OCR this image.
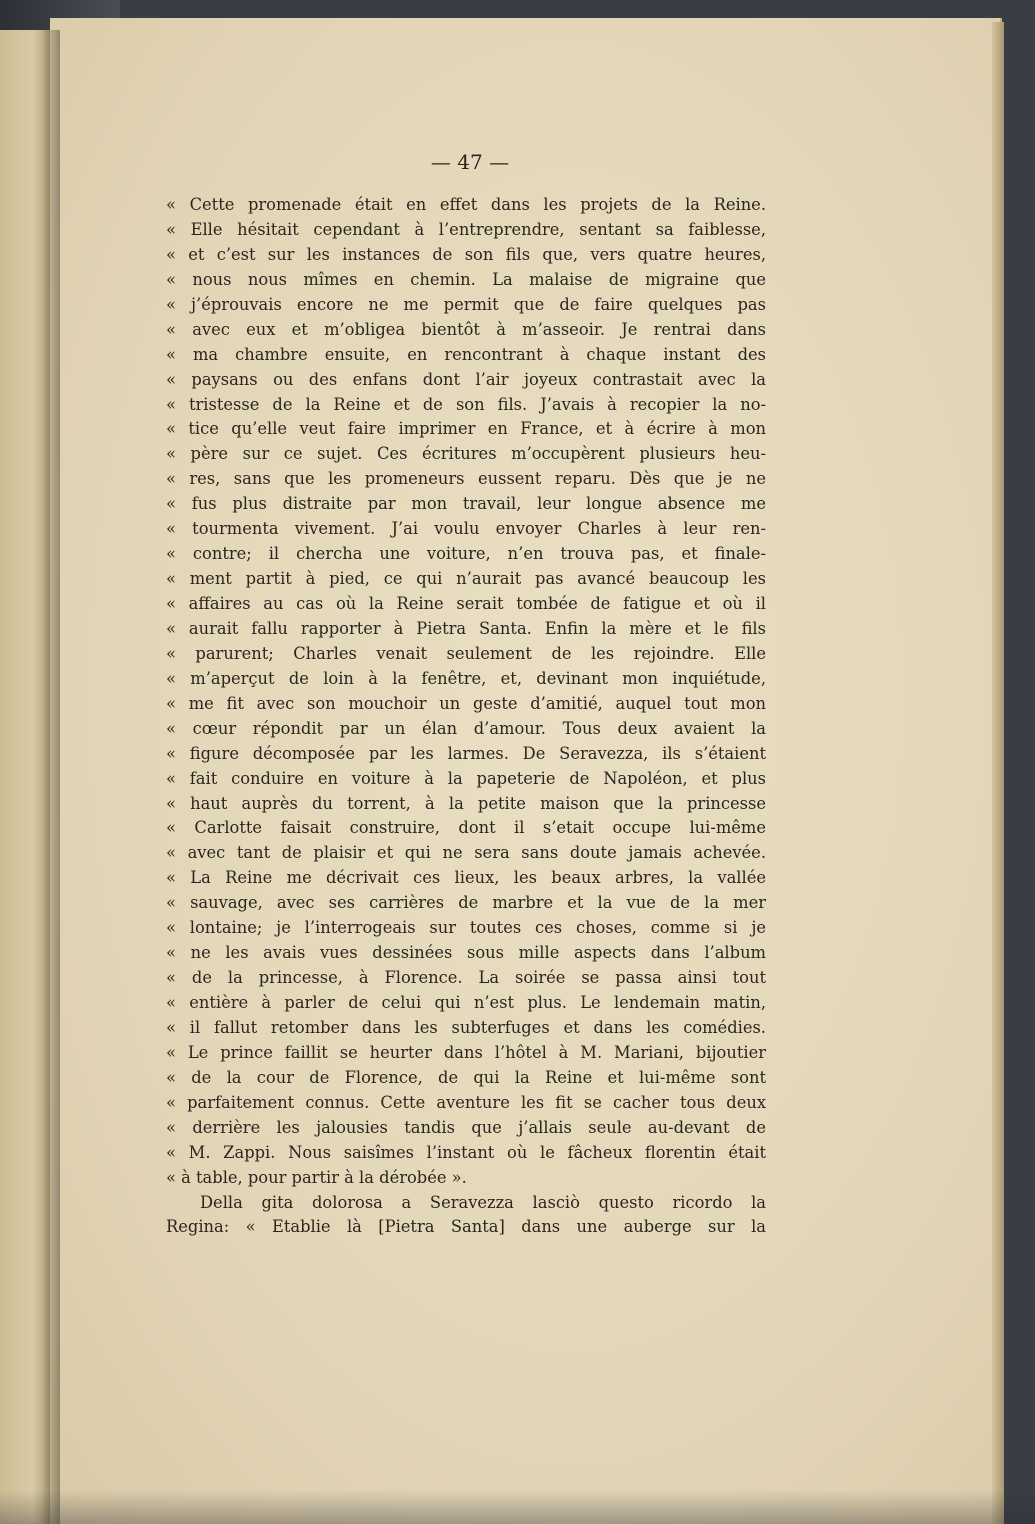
— 47 —
« Cette promenade était en effet dans les projets de la Reine.
« Elle hésitait cependant à l’entreprendre, sentant sa faiblesse,
« et c’est sur les instances de son fils que, vers quatre heures,
« nous nous mîmes en chemin. La malaise de migraine que
« j’éprouvais encore ne me permit que de faire quelques pas
« avec eux et m’obligea bientôt à m’asseoir. Je rentrai dans
« ma chambre ensuite, en rencontrant à chaque instant des
« paysans ou des enfans dont l’air joyeux contrastait avec la
« tristesse de la Reine et de son fils. J’avais à recopier la no-
« tice qu’elle veut faire imprimer en France, et à écrire à mon
« père sur ce sujet. Ces écritures m’occupèrent plusieurs heu-
« res, sans que les promeneurs eussent reparu. Dès que je ne
« fus plus distraite par mon travail, leur longue absence me
« tourmenta vivement. J’ai voulu envoyer Charles à leur ren-
« contre; il chercha une voiture, n’en trouva pas, et finale-
« ment partit à pied, ce qui n’aurait pas avancé beaucoup les
« affaires au cas où la Reine serait tombée de fatigue et où il
« aurait fallu rapporter à Pietra Santa. Enfin la mère et le fils
« parurent; Charles venait seulement de les rejoindre. Elle
« m’aperçut de loin à la fenêtre, et, devinant mon inquiétude,
« me fit avec son mouchoir un geste d’amitié, auquel tout mon
« cœur répondit par un élan d’amour. Tous deux avaient la
« figure décomposée par les larmes. De Seravezza, ils s’étaient
« fait conduire en voiture à la papeterie de Napoléon, et plus
« haut auprès du torrent, à la petite maison que la princesse
« Carlotte faisait construire, dont il s’etait occupe lui-même
« avec tant de plaisir et qui ne sera sans doute jamais achevée.
« La Reine me décrivait ces lieux, les beaux arbres, la vallée
« sauvage, avec ses carrières de marbre et la vue de la mer
« lontaine; je l’interrogeais sur toutes ces choses, comme si je
« ne les avais vues dessinées sous mille aspects dans l’album
« de la princesse, à Florence. La soirée se passa ainsi tout
« entière à parler de celui qui n’est plus. Le lendemain matin,
« il fallut retomber dans les subterfuges et dans les comédies.
« Le prince faillit se heurter dans l’hôtel à M. Mariani, bijoutier
« de la cour de Florence, de qui la Reine et lui-même sont
« parfaitement connus. Cette aventure les fit se cacher tous deux
« derrière les jalousies tandis que j’allais seule au-devant de
« M. Zappi. Nous saisîmes l’instant où le fâcheux florentin était
« à table, pour partir à la dérobée ».
Della gita dolorosa a Seravezza lasciò questo ricordo la
Regina: « Etablie là [Pietra Santa] dans une auberge sur la
